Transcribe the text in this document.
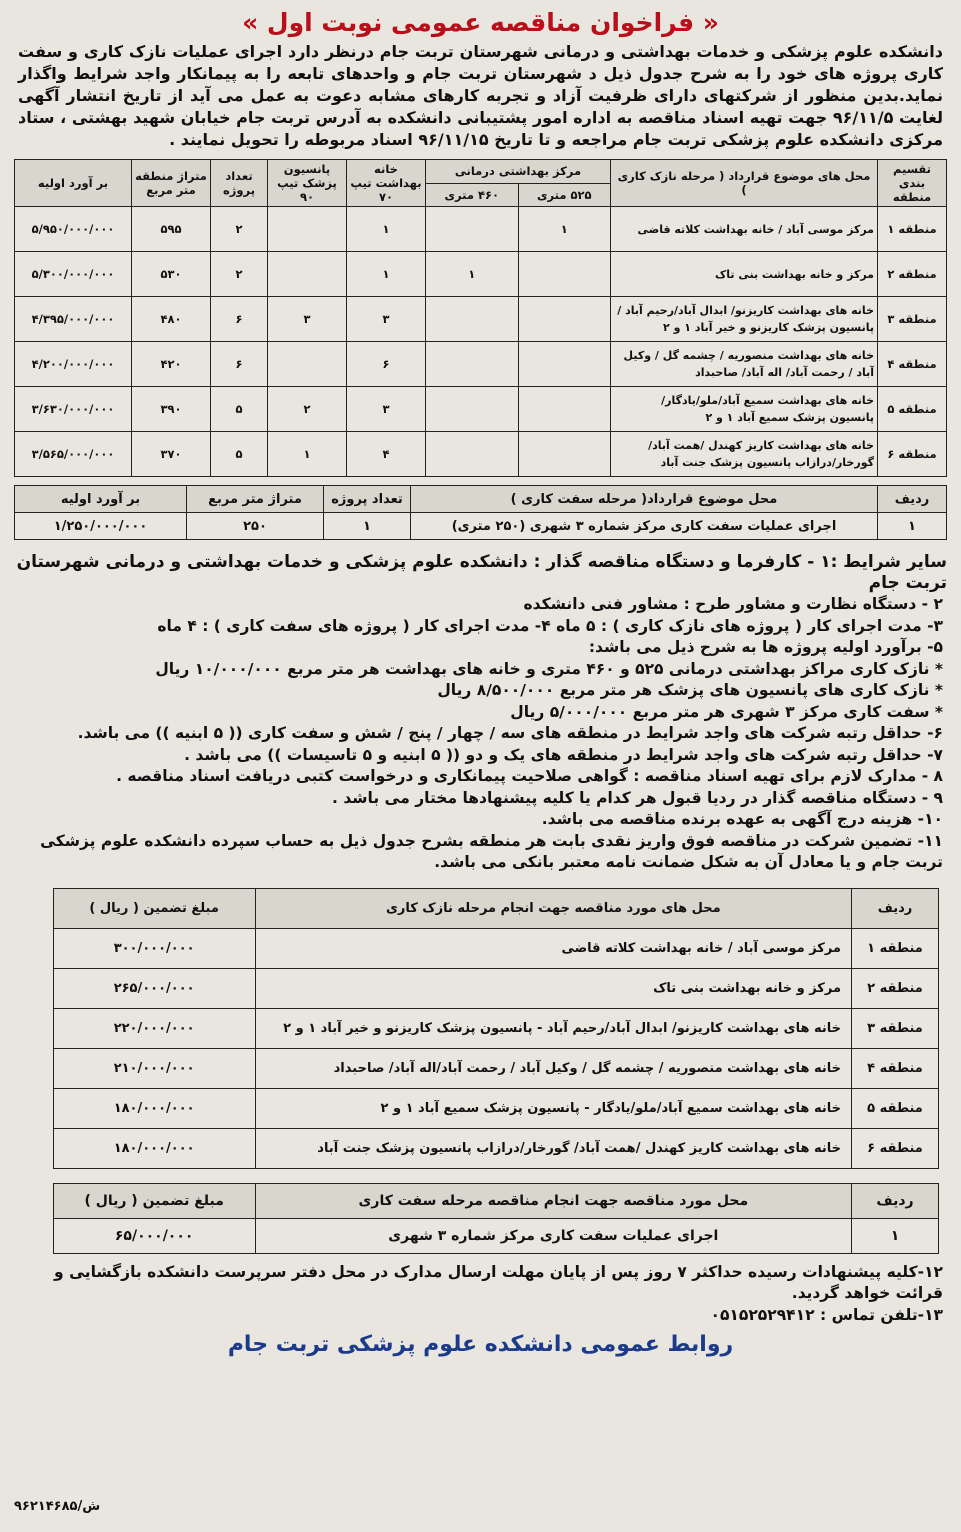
« فراخوان مناقصه عمومی نوبت اول »
دانشکده علوم پزشکی و خدمات بهداشتی و درمانی شهرستان تربت جام درنظر دارد اجرای عملیات نازک کاری و سفت کاری پروژه های خود را به شرح جدول ذیل د شهرستان تربت جام و واحدهای تابعه را به پیمانکار واجد شرایط واگذار نماید.بدین منظور از شرکتهای دارای ظرفیت آزاد و تجربه کارهای مشابه دعوت به عمل می آید از تاریخ انتشار آگهی لغایت ۹۶/۱۱/۵ جهت تهیه اسناد مناقصه به اداره امور پشتیبانی دانشکده به آدرس تربت جام خیابان شهید بهشتی ، ستاد مرکزی دانشکده علوم پزشکی تربت جام مراجعه و تا تاریخ ۹۶/۱۱/۱۵ اسناد مربوطه را تحویل نمایند .
تقسیم بندی منطقه	محل های موضوع قرارداد ( مرحله نازک کاری )	مرکز بهداشتی درمانی		خانه بهداشت تیپ ۷۰	پانسیون پزشک تیپ ۹۰	تعداد پروژه	متراژ منطقه متر مربع	بر آورد اولیه
		۵۲۵ متری	۴۶۰ متری					
منطقه ۱	مرکز موسی آباد / خانه بهداشت کلاته قاضی	۱		۱		۲	۵۹۵	۵/۹۵۰/۰۰۰/۰۰۰
منطقه ۲	مرکز و خانه بهداشت بنی تاک		۱	۱		۲	۵۳۰	۵/۳۰۰/۰۰۰/۰۰۰
منطقه ۳	خانه های بهداشت کاریزنو/ ابدال آباد/رحیم آباد /پانسیون پزشک کاریزنو و خیر آباد ۱ و ۲			۳	۳	۶	۴۸۰	۴/۳۹۵/۰۰۰/۰۰۰
منطقه ۴	خانه های بهداشت منصوریه / چشمه گل / وکیل آباد / رحمت آباد/ اله آباد/ صاحبداد			۶		۶	۴۲۰	۴/۲۰۰/۰۰۰/۰۰۰
منطقه ۵	خانه های بهداشت سمیع آباد/ملو/یادگار/ پانسیون پزشک سمیع آباد ۱ و ۲			۳	۲	۵	۳۹۰	۳/۶۳۰/۰۰۰/۰۰۰
منطقه ۶	خانه های بهداشت کاریز کهندل /همت آباد/ گورخار/درازاب پانسیون پزشک جنت آباد			۴	۱	۵	۳۷۰	۳/۵۶۵/۰۰۰/۰۰۰
ردیف	محل موضوع قرارداد( مرحله سفت کاری )	تعداد پروژه	متراژ متر مربع	بر آورد اولیه
۱	اجرای عملیات سفت کاری مرکز شماره ۳ شهری (۲۵۰ متری)	۱	۲۵۰	۱/۲۵۰/۰۰۰/۰۰۰
سایر شرایط :۱ - کارفرما و دستگاه مناقصه گذار : دانشکده علوم پزشکی و خدمات بهداشتی و درمانی شهرستان تربت جام
۲ - دستگاه نظارت و مشاور طرح : مشاور فنی دانشکده
۳- مدت اجرای کار ( پروژه های نازک کاری ) : ۵ ماه ۴- مدت اجرای کار ( پروژه های سفت کاری ) : ۴ ماه
۵- برآورد اولیه پروژه ها به شرح ذیل می باشد:
* نازک کاری مراکز بهداشتی درمانی ۵۲۵ و ۴۶۰ متری و خانه های بهداشت هر متر مربع ۱۰/۰۰۰/۰۰۰ ریال
* نازک کاری های پانسیون های پزشک هر متر مربع ۸/۵۰۰/۰۰۰ ریال
* سفت کاری مرکز ۳ شهری هر متر مربع ۵/۰۰۰/۰۰۰ ریال
۶- حداقل رتبه شرکت های واجد شرایط در منطقه های سه / چهار / پنج / شش و سفت کاری (( ۵ ابنیه )) می باشد.
۷- حداقل رتبه شرکت های واجد شرایط در منطقه های یک و دو (( ۵ ابنیه و ۵ تاسیسات )) می باشد .
۸ - مدارک لازم برای تهیه اسناد مناقصه : گواهی صلاحیت پیمانکاری و درخواست کتبی دریافت اسناد مناقصه .
۹ - دستگاه مناقصه گذار در ردیا قبول هر کدام یا کلیه پیشنهادها مختار می باشد .
۱۰- هزینه درج آگهی به عهده برنده مناقصه می باشد.
۱۱- تضمین شرکت در مناقصه فوق واریز نقدی بابت هر منطقه بشرح جدول ذیل به حساب سپرده دانشکده علوم پزشکی تربت جام و یا معادل آن به شکل ضمانت نامه معتبر بانکی می باشد.
ردیف	محل های مورد مناقصه جهت انجام مرحله نازک کاری	مبلغ تضمین ( ریال )
منطقه ۱	مرکز موسی آباد / خانه بهداشت کلاته قاضی	۳۰۰/۰۰۰/۰۰۰
منطقه ۲	مرکز و خانه بهداشت بنی تاک	۲۶۵/۰۰۰/۰۰۰
منطقه ۳	خانه های بهداشت کاریزنو/ ابدال آباد/رحیم آباد - پانسیون پزشک کاریزنو و خیر آباد ۱ و ۲	۲۲۰/۰۰۰/۰۰۰
منطقه ۴	خانه های بهداشت منصوریه / چشمه گل / وکیل آباد / رحمت آباد/اله آباد/ صاحبداد	۲۱۰/۰۰۰/۰۰۰
منطقه ۵	خانه های بهداشت سمیع آباد/ملو/یادگار - پانسیون پزشک سمیع آباد ۱ و ۲	۱۸۰/۰۰۰/۰۰۰
منطقه ۶	خانه های بهداشت کاریز کهندل /همت آباد/ گورخار/درازاب پانسیون پزشک جنت آباد	۱۸۰/۰۰۰/۰۰۰
ردیف	محل مورد مناقصه جهت انجام مناقصه مرحله سفت کاری	مبلغ تضمین ( ریال )
۱	اجرای عملیات سفت کاری مرکز شماره ۳ شهری	۶۵/۰۰۰/۰۰۰
۱۲-کلیه پیشنهادات رسیده حداکثر ۷ روز پس از پایان مهلت ارسال مدارک در محل دفتر سرپرست دانشکده بازگشایی و قرائت خواهد گردید.
۱۳-تلفن تماس : ۰۵۱۵۲۵۲۹۴۱۲
روابط عمومی دانشکده علوم پزشکی تربت جام
۹۶۲۱۴۶۸۵/ش
